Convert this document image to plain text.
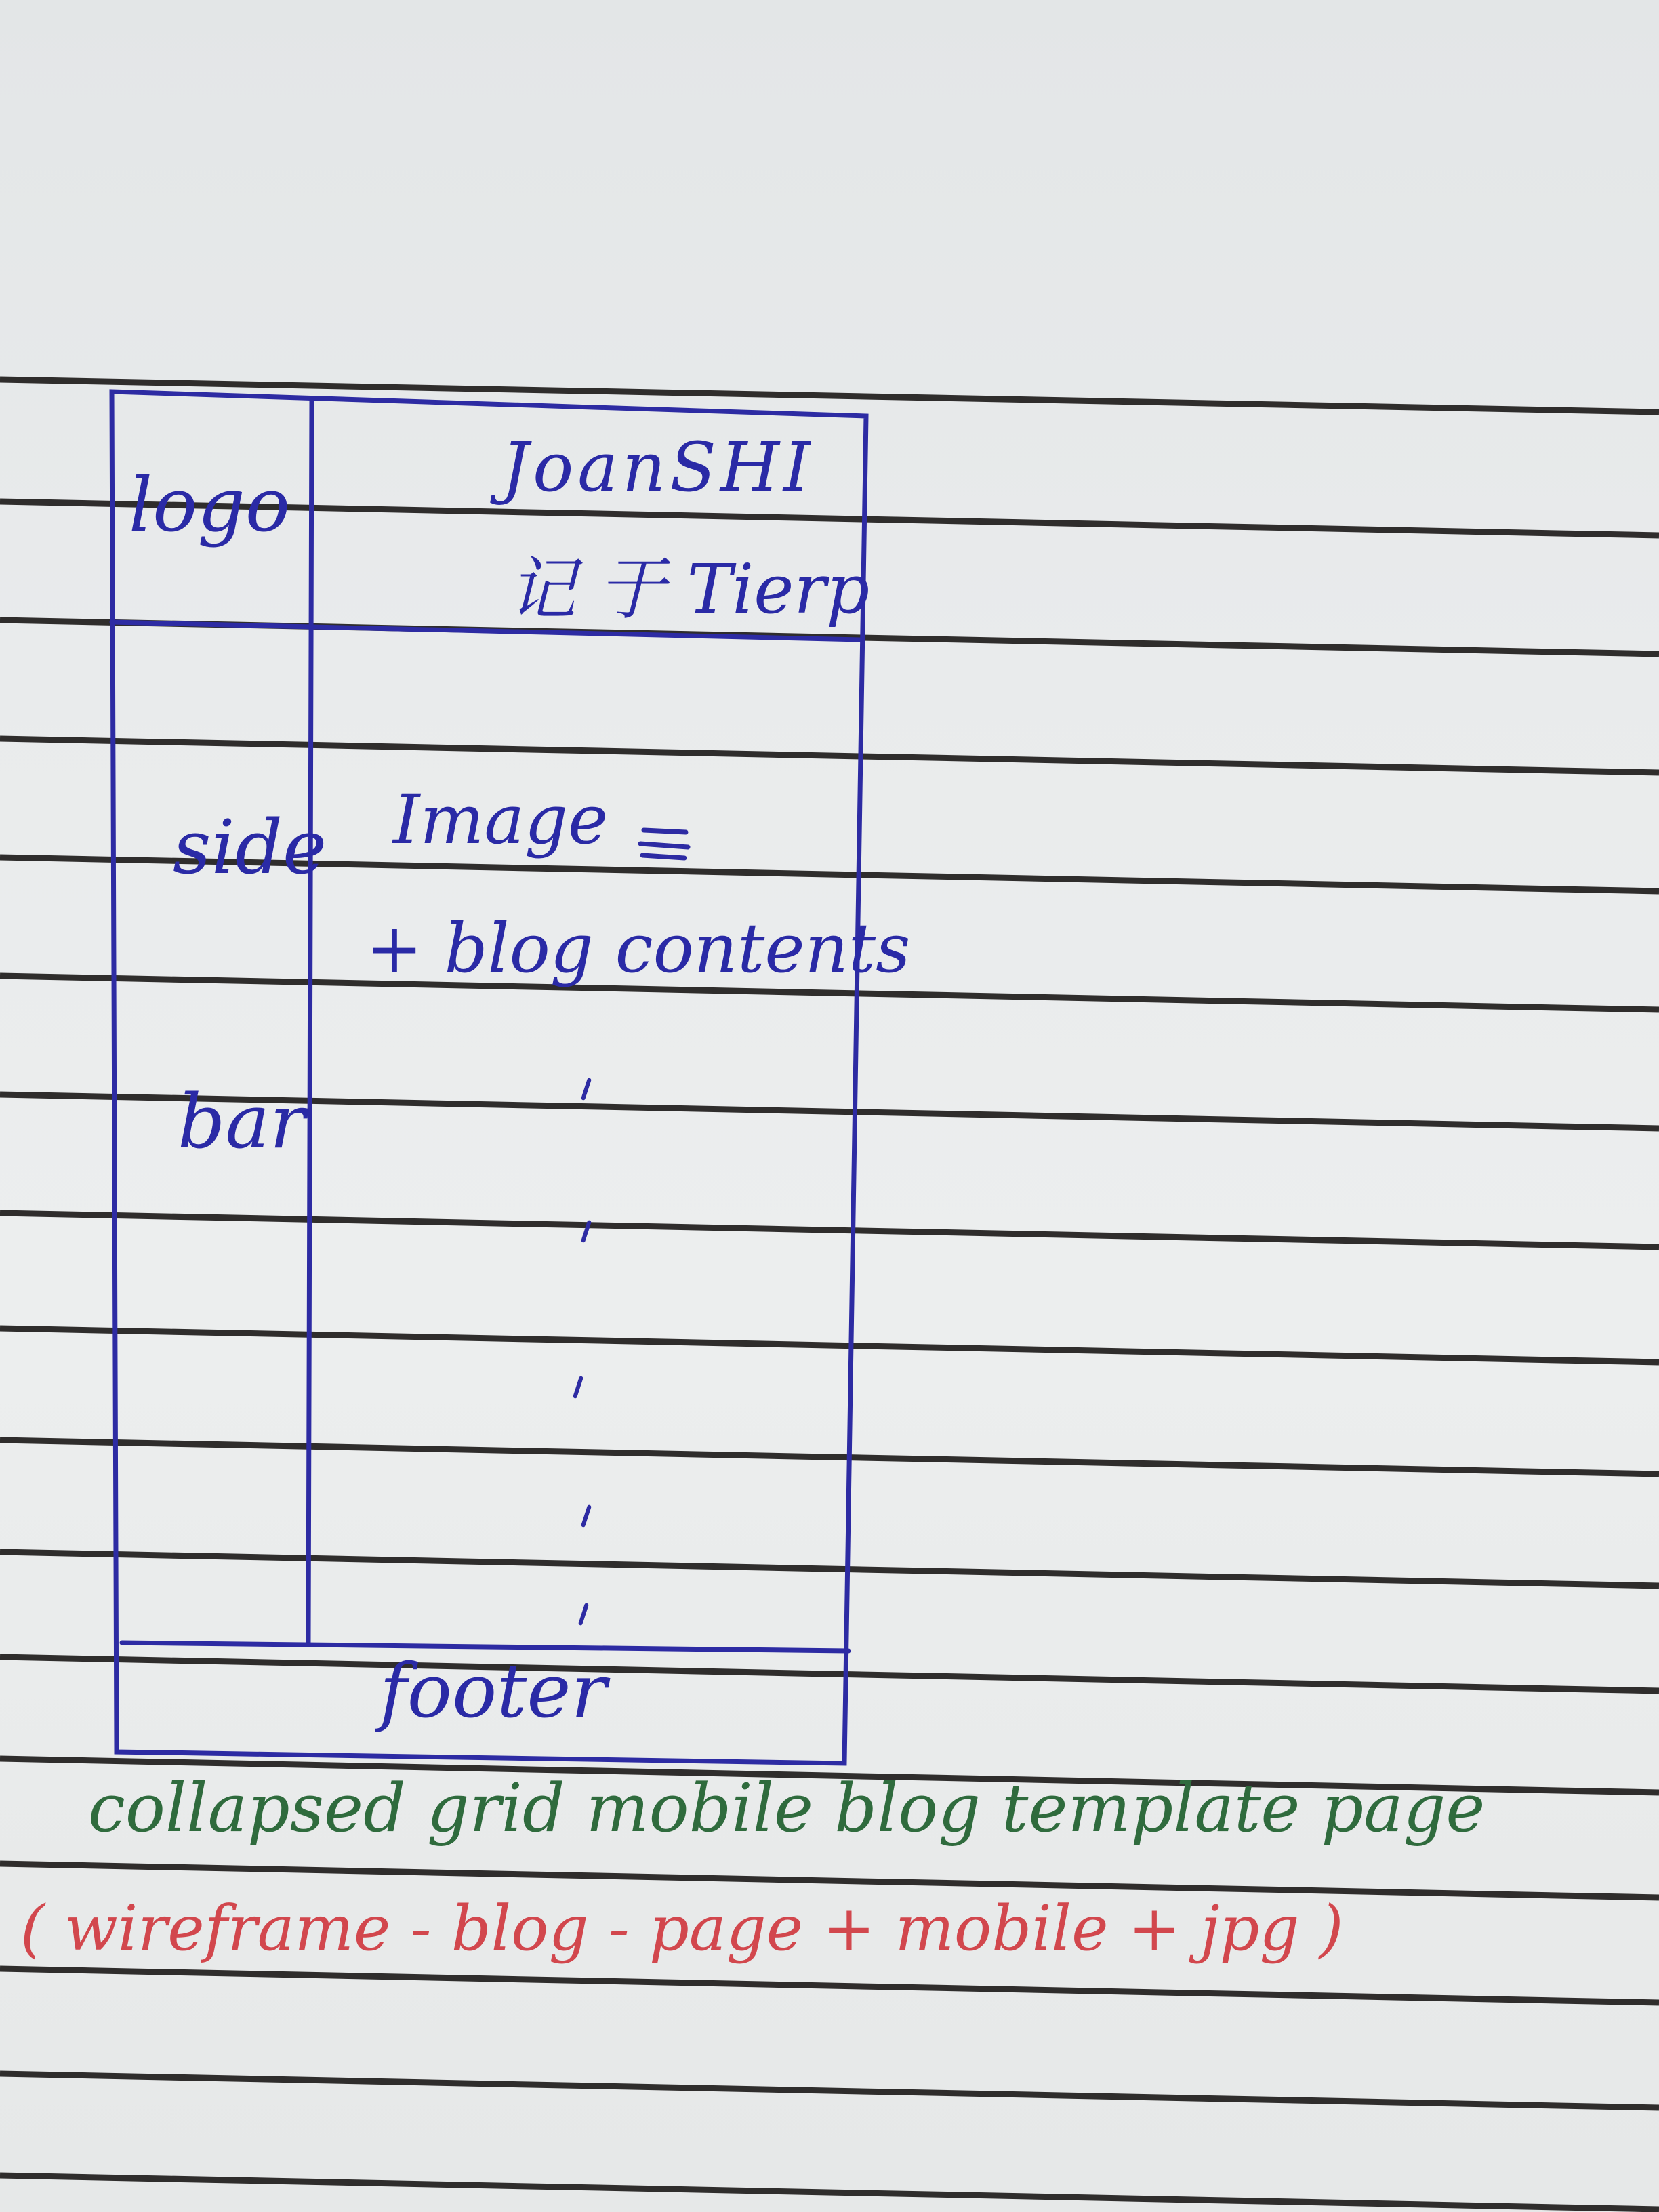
logo	JoanSHI
记 于 Tierp
side
bar
Image
+ blog contents
footer
collapsed grid mobile blog template page
( wireframe - blog - page + mobile + jpg )
